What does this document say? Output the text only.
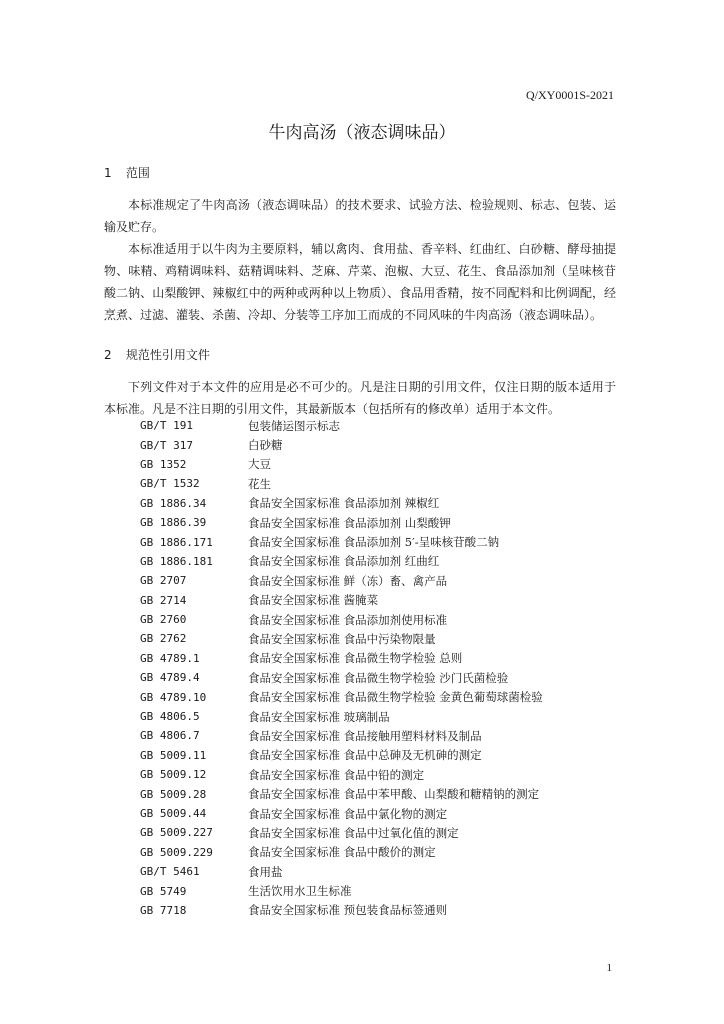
Q/XY0001S-2021
牛肉高汤（液态调味品）
1 范围

本标准规定了牛肉高汤（液态调味品）的技术要求、试验方法、检验规则、标志、包装、运输及贮存。

本标准适用于以牛肉为主要原料，辅以禽肉、食用盐、香辛料、红曲红、白砂糖、酵母抽提物、味精、鸡精调味料、菇精调味料、芝麻、芹菜、泡椒、大豆、花生、食品添加剂（呈味核苷酸二钠、山梨酸钾、辣椒红中的两种或两种以上物质）、食品用香精，按不同配料和比例调配，经烹煮、过滤、灌装、杀菌、冷却、分装等工序加工而成的不同风味的牛肉高汤（液态调味品）。

2 规范性引用文件

下列文件对于本文件的应用是必不可少的。凡是注日期的引用文件，仅注日期的版本适用于本标准。凡是不注日期的引用文件，其最新版本（包括所有的修改单）适用于本文件。

GB/T 191	包装储运图示标志
GB/T 317	白砂糖
GB 1352	大豆
GB/T 1532	花生
GB 1886.34	食品安全国家标准 食品添加剂 辣椒红
GB 1886.39	食品安全国家标准 食品添加剂 山梨酸钾
GB 1886.171	食品安全国家标准 食品添加剂 5′-呈味核苷酸二钠
GB 1886.181	食品安全国家标准 食品添加剂 红曲红
GB 2707	食品安全国家标准 鲜（冻）畜、禽产品
GB 2714	食品安全国家标准 酱腌菜
GB 2760	食品安全国家标准 食品添加剂使用标准
GB 2762	食品安全国家标准 食品中污染物限量
GB 4789.1	食品安全国家标准 食品微生物学检验 总则
GB 4789.4	食品安全国家标准 食品微生物学检验 沙门氏菌检验
GB 4789.10	食品安全国家标准 食品微生物学检验 金黄色葡萄球菌检验
GB 4806.5	食品安全国家标准 玻璃制品
GB 4806.7	食品安全国家标准 食品接触用塑料材料及制品
GB 5009.11	食品安全国家标准 食品中总砷及无机砷的测定
GB 5009.12	食品安全国家标准 食品中铅的测定
GB 5009.28	食品安全国家标准 食品中苯甲酸、山梨酸和糖精钠的测定
GB 5009.44	食品安全国家标准 食品中氯化物的测定
GB 5009.227	食品安全国家标准 食品中过氧化值的测定
GB 5009.229	食品安全国家标准 食品中酸价的测定
GB/T 5461	食用盐
GB 5749	生活饮用水卫生标准
GB 7718	食品安全国家标准 预包装食品标签通则
1
